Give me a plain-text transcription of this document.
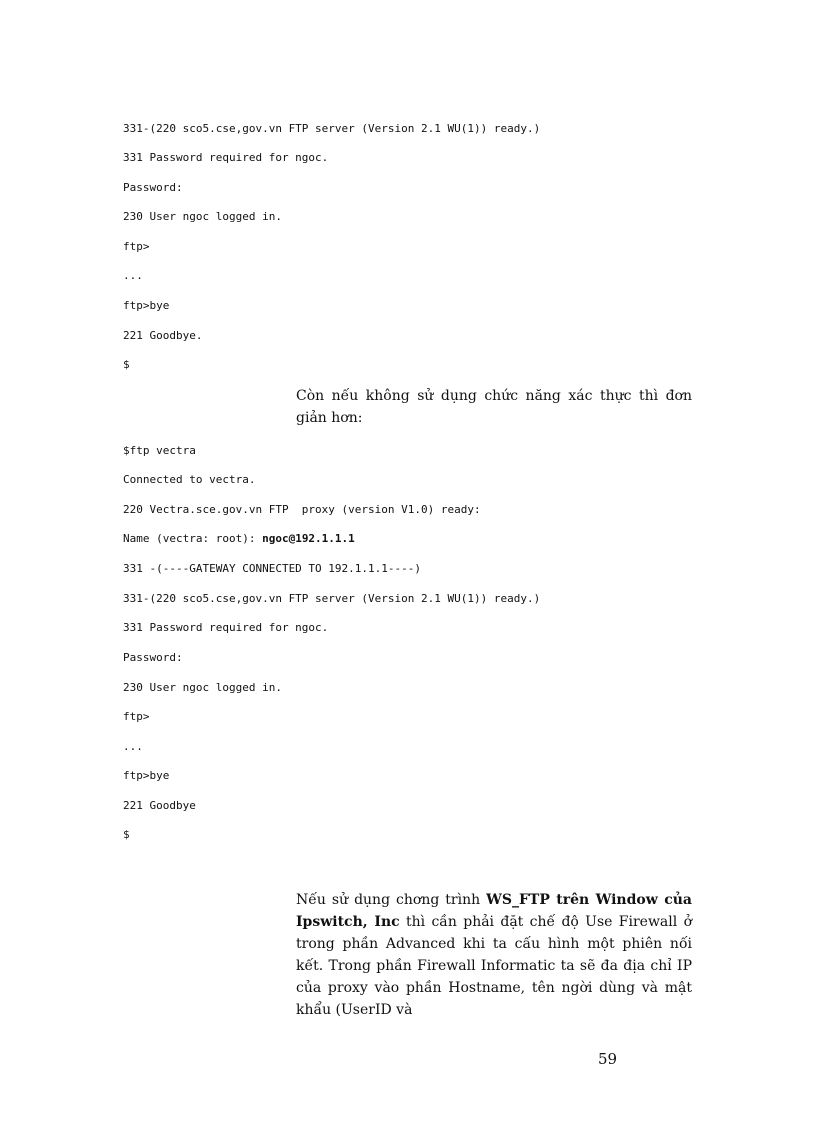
331-(220 sco5.cse,gov.vn FTP server (Version 2.1 WU(1)) ready.)
331 Password required for ngoc.
Password:
230 User ngoc logged in.
ftp>
...
ftp>bye
221 Goodbye.
$
Còn nếu không sử dụng chức năng xác thực thì đơn giản hơn:
$ftp vectra
Connected to vectra.
220 Vectra.sce.gov.vn FTP  proxy (version V1.0) ready:
Name (vectra: root): ngoc@192.1.1.1
331 -(----GATEWAY CONNECTED TO 192.1.1.1----)
331-(220 sco5.cse,gov.vn FTP server (Version 2.1 WU(1)) ready.)
331 Password required for ngoc.
Password:
230 User ngoc logged in.
ftp>
...
ftp>bye
221 Goodbye
$
Nếu sử dụng chơng trình WS_FTP trên Window của Ipswitch, Inc thì cần phải đặt chế độ Use Firewall ở trong phần Advanced khi ta cấu hình một phiên nối kết. Trong phần Firewall Informatic ta sẽ đa địa chỉ IP của proxy vào phần Hostname, tên ngời dùng và mật khẩu (UserID và
59
